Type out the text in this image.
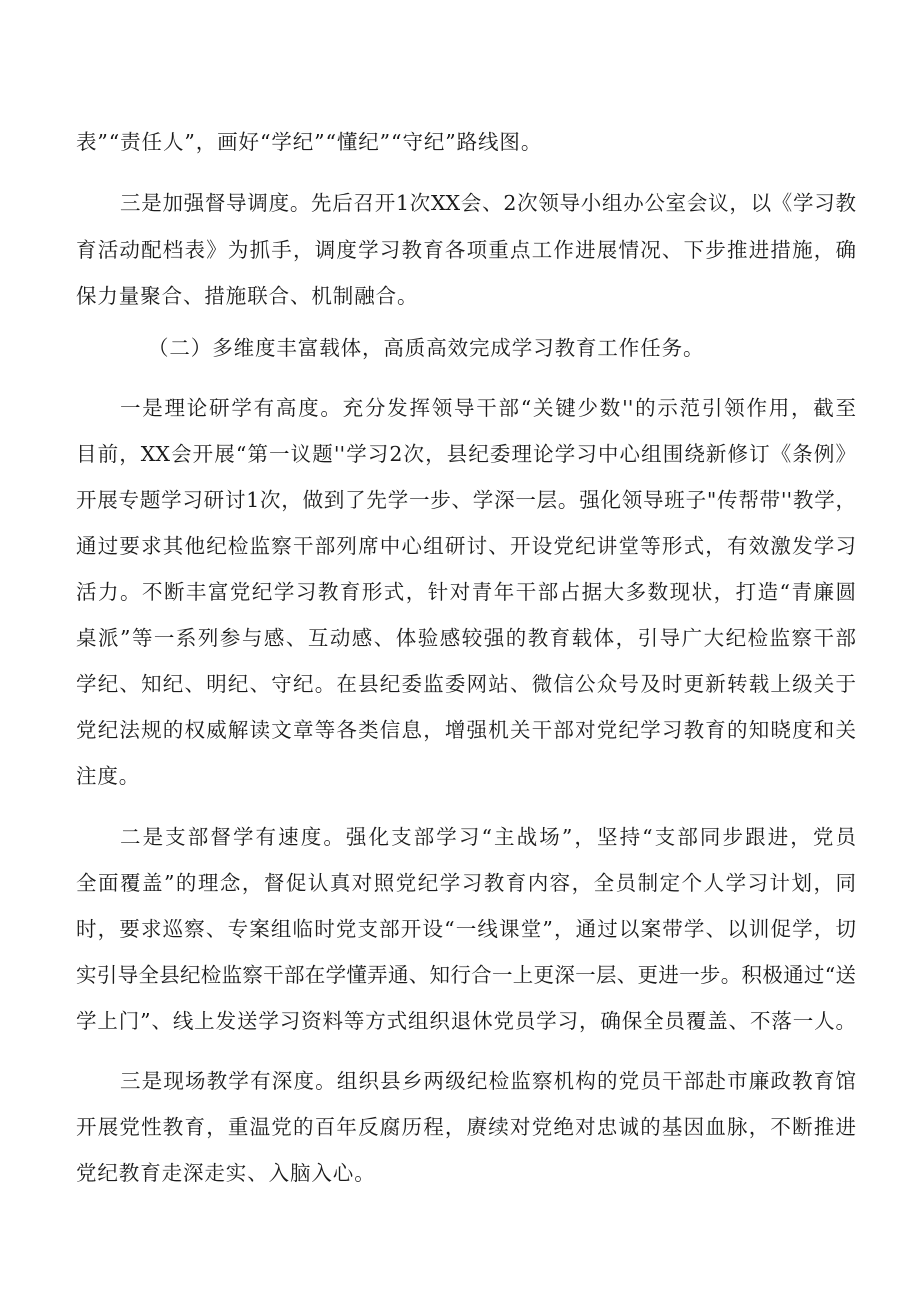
表”“责任人”，画好“学纪”“懂纪”“守纪”路线图。
三是加强督导调度。先后召开1次XX会、2次领导小组办公室会议，以《学习教
育活动配档表》为抓手，调度学习教育各项重点工作进展情况、下步推进措施，确
保力量聚合、措施联合、机制融合。
（二）多维度丰富载体，高质高效完成学习教育工作任务。
一是理论研学有高度。充分发挥领导干部“关键少数''的示范引领作用，截至
目前，XX会开展“第一议题''学习2次，县纪委理论学习中心组围绕新修订《条例》
开展专题学习研讨1次，做到了先学一步、学深一层。强化领导班子"传帮带''教学，
通过要求其他纪检监察干部列席中心组研讨、开设党纪讲堂等形式，有效激发学习
活力。不断丰富党纪学习教育形式，针对青年干部占据大多数现状，打造“青廉圆
桌派”等一系列参与感、互动感、体验感较强的教育载体，引导广大纪检监察干部
学纪、知纪、明纪、守纪。在县纪委监委网站、微信公众号及时更新转载上级关于
党纪法规的权威解读文章等各类信息，增强机关干部对党纪学习教育的知晓度和关
注度。
二是支部督学有速度。强化支部学习“主战场”，坚持“支部同步跟进，党员
全面覆盖”的理念，督促认真对照党纪学习教育内容，全员制定个人学习计划，同
时，要求巡察、专案组临时党支部开设“一线课堂”，通过以案带学、以训促学，切
实引导全县纪检监察干部在学懂弄通、知行合一上更深一层、更进一步。积极通过“送
学上门”、线上发送学习资料等方式组织退休党员学习，确保全员覆盖、不落一人。
三是现场教学有深度。组织县乡两级纪检监察机构的党员干部赴市廉政教育馆
开展党性教育，重温党的百年反腐历程，赓续对党绝对忠诚的基因血脉，不断推进
党纪教育走深走实、入脑入心。
